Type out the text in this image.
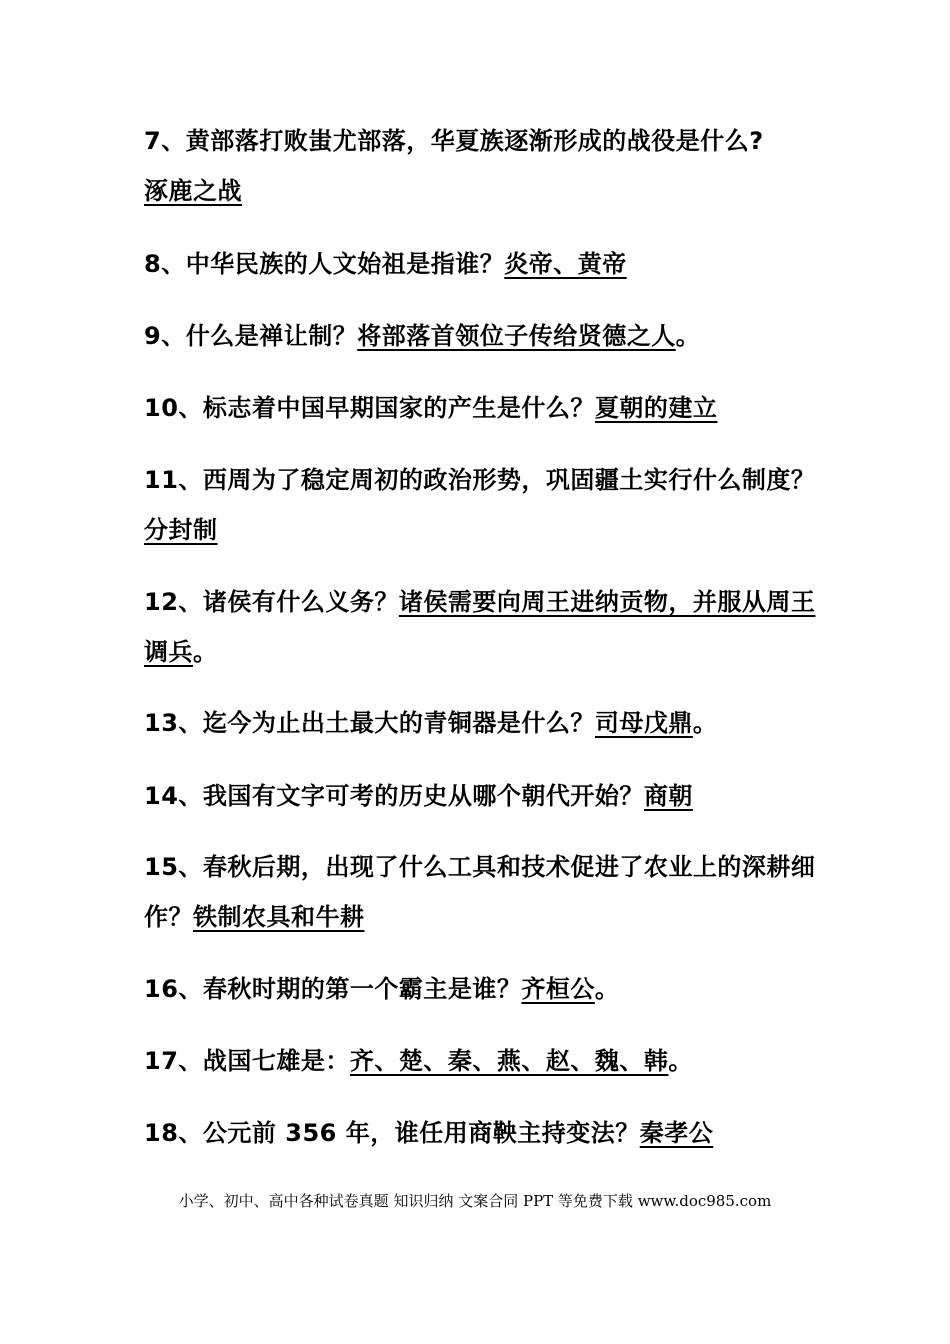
7、黄部落打败蚩尤部落，华夏族逐渐形成的战役是什么?
涿鹿之战

8、中华民族的人文始祖是指谁？炎帝、黄帝

9、什么是禅让制？将部落首领位子传给贤德之人。

10、标志着中国早期国家的产生是什么？夏朝的建立

11、西周为了稳定周初的政治形势，巩固疆土实行什么制度？分封制

12、诸侯有什么义务？诸侯需要向周王进纳贡物，并服从周王调兵。

13、迄今为止出土最大的青铜器是什么？司母戊鼎。

14、我国有文字可考的历史从哪个朝代开始？商朝

15、春秋后期，出现了什么工具和技术促进了农业上的深耕细作？铁制农具和牛耕

16、春秋时期的第一个霸主是谁？齐桓公。

17、战国七雄是：齐、楚、秦、燕、赵、魏、韩。

18、公元前 356 年，谁任用商鞅主持变法？秦孝公

小学、初中、高中各种试卷真题 知识归纳 文案合同 PPT 等免费下载 www.doc985.com
